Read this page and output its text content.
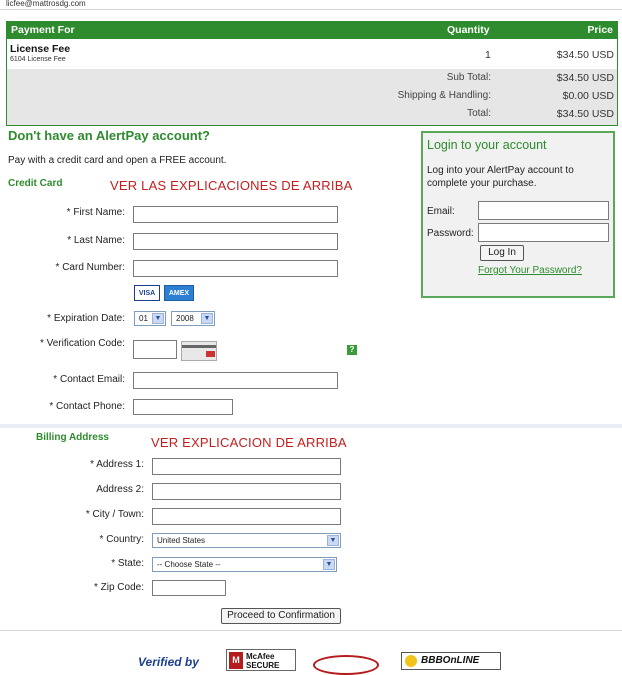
licfee@mattrosdg.com
Payment For	Quantity	Price
License Fee
6104 License Fee	1	$34.50 USD
Sub Total:	$34.50 USD
Shipping & Handling:	$0.00 USD
Total:	$34.50 USD
Don't have an AlertPay account?
Pay with a credit card and open a FREE account.
Credit Card	VER LAS EXPLICACIONES DE ARRIBA
* First Name:
* Last Name:
* Card Number:
VISA	AMEX
* Expiration Date: 01 ▼	2008	▼
* Verification Code:
?
* Contact Email:
* Contact Phone:
Login to your account
Log into your AlertPay account to complete your purchase.
Email:
Password:
Log In
Forgot Your Password?
Billing Address	VER EXPLICACION DE ARRIBA
* Address 1:
Address 2:
* City / Town:
* Country: United States	▼
* State: -- Choose State --	▼
* Zip Code:
Proceed to Confirmation
Verified by	M McAfee SECURE	BBBOnLINE
